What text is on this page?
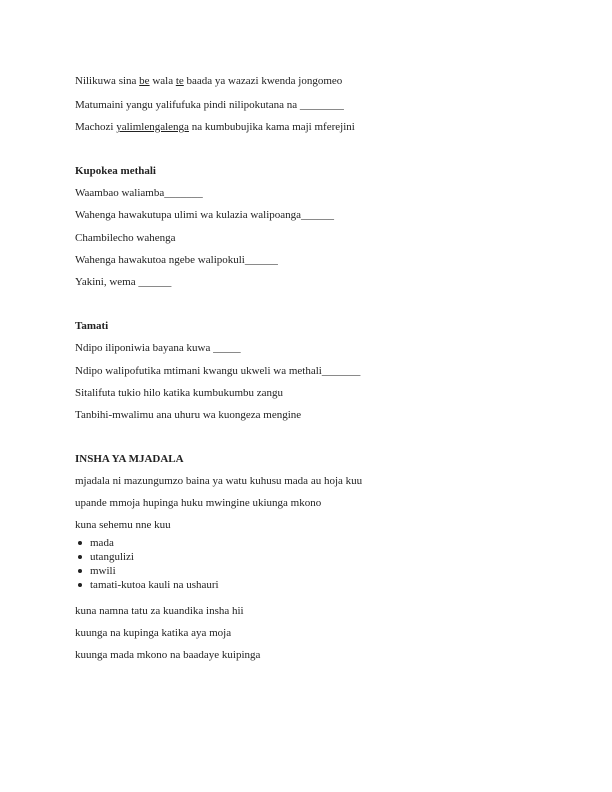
Nilikuwa sina be wala te baada ya wazazi kwenda jongomeo
Matumaini yangu yalifufuka pindi nilipokutana na ________
Machozi yalimlengalenga na kumbubujika kama maji mferejini
Kupokea methali
Waambao waliamba_______
Wahenga hawakutupa ulimi wa kulazia walipoanga______
Chambilecho wahenga
Wahenga hawakutoa ngebe walipokuli______
Yakini, wema ______
Tamati
Ndipo iliponiwia bayana kuwa _____
Ndipo walipofutika mtimani kwangu ukweli wa methali_______
Sitalifuta tukio hilo katika kumbukumbu zangu
Tanbihi-mwalimu ana uhuru wa kuongeza mengine
INSHA YA MJADALA
mjadala ni mazungumzo baina ya watu kuhusu mada au hoja kuu
upande mmoja hupinga huku mwingine ukiunga mkono
kuna sehemu nne kuu
mada
utangulizi
mwili
tamati-kutoa kauli na ushauri
kuna namna tatu za kuandika insha hii
kuunga na kupinga katika aya moja
kuunga mada mkono na baadaye kuipinga
